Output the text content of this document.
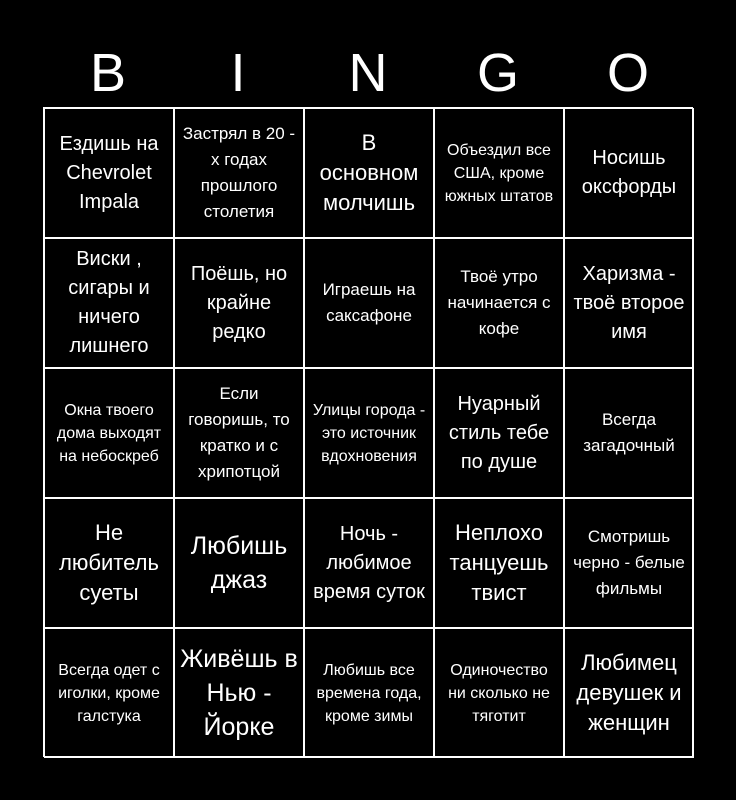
B	I	N	G	O
Ездишь на Chevrolet Impala
Застрял в 20 - х годах прошлого столетия
В основном молчишь
Объездил все США, кроме южных штатов
Носишь оксфорды
Виски , сигары и ничего лишнего
Поёшь, но крайне редко
Играешь на саксафоне
Твоё утро начинается с кофе
Харизма - твоё второе имя
Окна твоего дома выходят на небоскреб
Если говоришь, то кратко и с хрипотцой
Улицы города - это источник вдохновения
Нуарный стиль тебе по душе
Всегда загадочный
Не любитель суеты
Любишь джаз
Ночь - любимое время суток
Неплохо танцуешь твист
Смотришь черно - белые фильмы
Всегда одет с иголки, кроме галстука
Живёшь в Нью - Йорке
Любишь все времена года, кроме зимы
Одиночество ни сколько не тяготит
Любимец девушек и женщин
